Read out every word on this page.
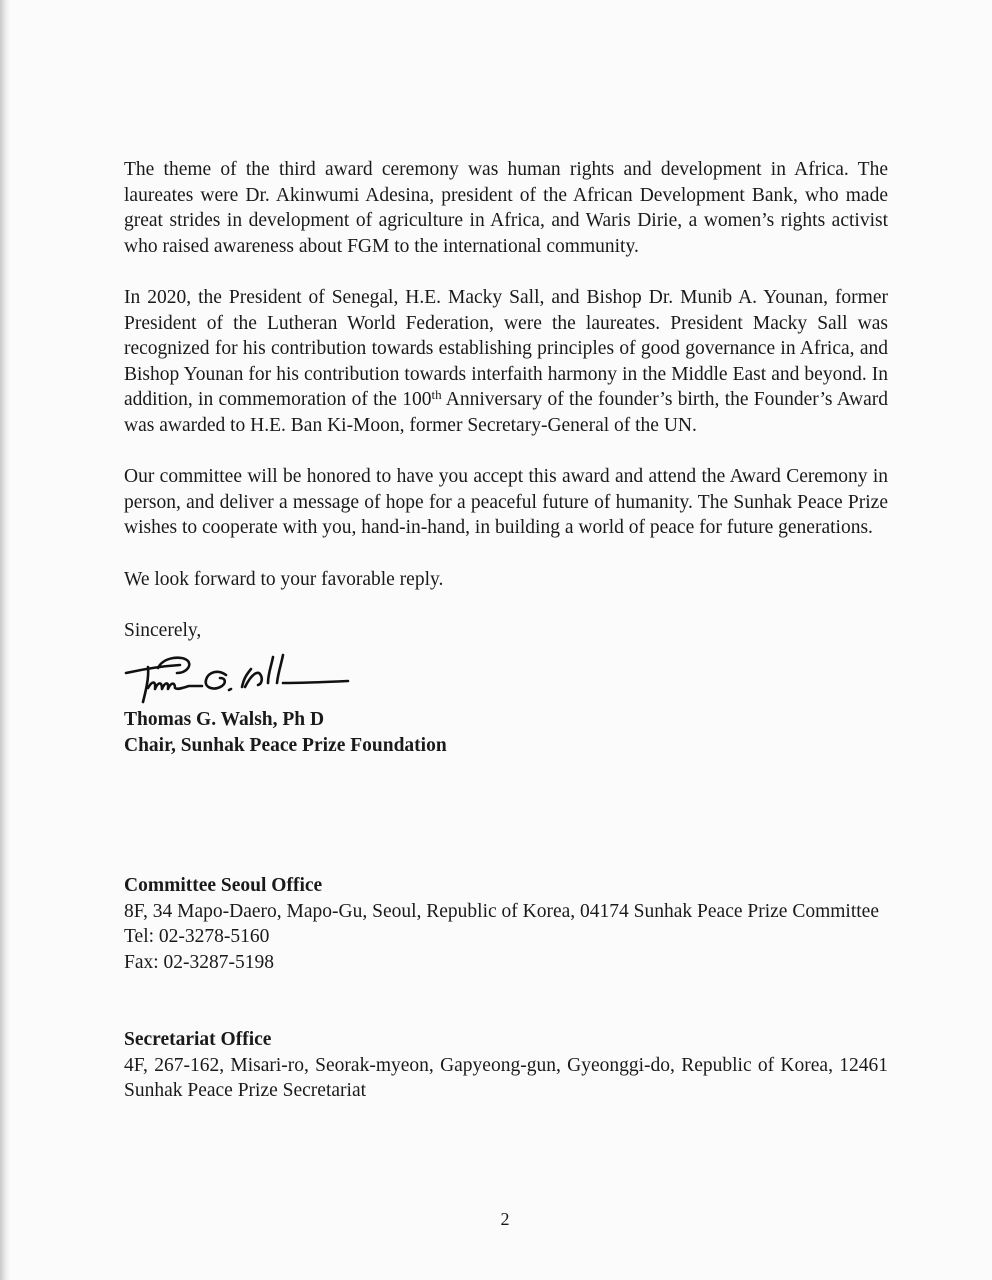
The theme of the third award ceremony was human rights and development in Africa. The laureates were Dr. Akinwumi Adesina, president of the African Development Bank, who made great strides in development of agriculture in Africa, and Waris Dirie, a women’s rights activist who raised awareness about FGM to the international community.

In 2020, the President of Senegal, H.E. Macky Sall, and Bishop Dr. Munib A. Younan, former President of the Lutheran World Federation, were the laureates. President Macky Sall was recognized for his contribution towards establishing principles of good governance in Africa, and Bishop Younan for his contribution towards interfaith harmony in the Middle East and beyond. In addition, in commemoration of the 100th Anniversary of the founder’s birth, the Founder’s Award was awarded to H.E. Ban Ki-Moon, former Secretary-General of the UN.

Our committee will be honored to have you accept this award and attend the Award Ceremony in person, and deliver a message of hope for a peaceful future of humanity. The Sunhak Peace Prize wishes to cooperate with you, hand-in-hand, in building a world of peace for future generations.

We look forward to your favorable reply.

Sincerely,

Thomas G. Walsh, Ph D

Chair, Sunhak Peace Prize Foundation

Committee Seoul Office

8F, 34 Mapo-Daero, Mapo-Gu, Seoul, Republic of Korea, 04174 Sunhak Peace Prize Committee

Tel: 02-3278-5160

Fax: 02-3287-5198

Secretariat Office

4F, 267-162, Misari-ro, Seorak-myeon, Gapyeong-gun, Gyeonggi-do, Republic of Korea, 12461 Sunhak Peace Prize Secretariat

2
